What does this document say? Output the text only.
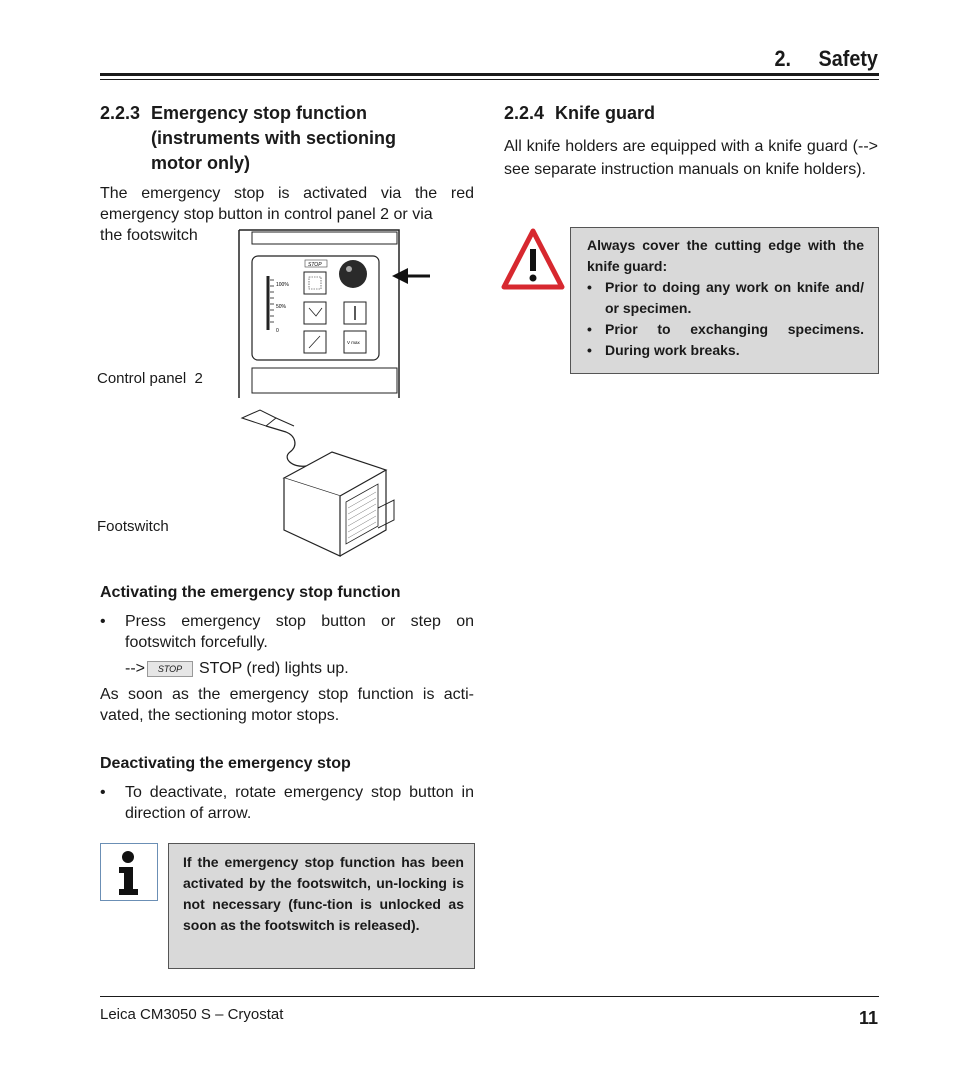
2.     Safety
2.2.3 Emergency stop function
(instruments with sectioning
motor only)
The emergency stop is activated via the red emergency stop button in control panel 2 or via
the footswitch
100%
50%
0
STOP
V max
Control panel  2
Footswitch
Activating the emergency stop function
•	Press emergency stop button or step on footswitch forcefully.
-->	STOP	STOP (red) lights up.
As soon as the emergency stop function is acti-vated, the sectioning motor stops.
Deactivating the emergency stop
•	To deactivate, rotate emergency stop button in direction of arrow.
If the emergency stop function has been activated by the footswitch, un-locking is not necessary (func-tion is unlocked as soon as the footswitch is released).
2.2.4 Knife guard
All knife holders are equipped with a knife guard (--> see separate instruction manuals on knife holders).
Always cover the cutting edge with the knife guard:
• Prior to doing any work on knife and/ or specimen.
• Prior to exchanging specimens.
• During work breaks.
Leica CM3050 S – Cryostat	11
